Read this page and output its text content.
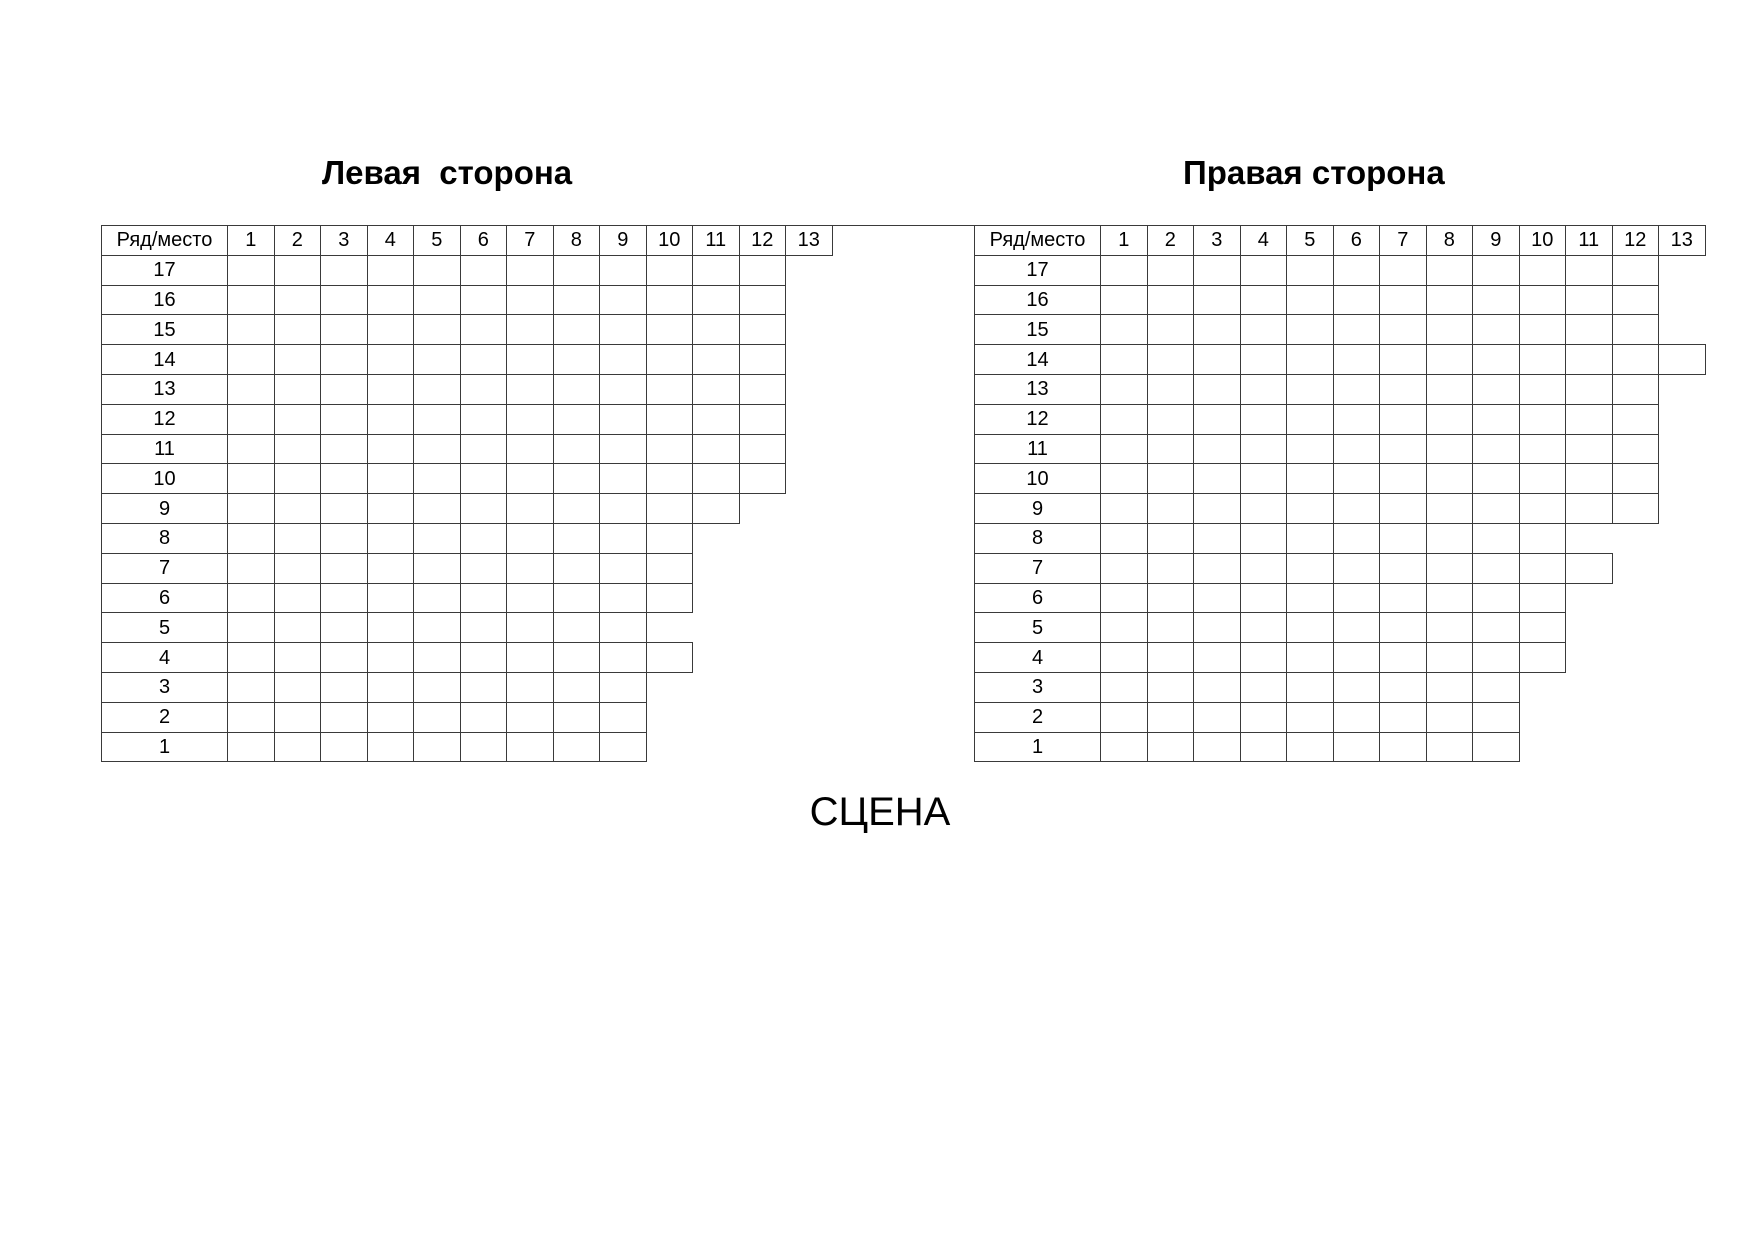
Левая  сторона	Правая сторона
Ряд/место	1	2	3	4	5	6	7	8	9	10	11	12	13
17
16
15
14
13
12
11
10
9
8
7
6
5
4
3
2
1
Ряд/место	1	2	3	4	5	6	7	8	9	10	11	12	13
17
16
15
14
13
12
11
10
9
8
7
6
5
4
3
2
1
СЦЕНА
